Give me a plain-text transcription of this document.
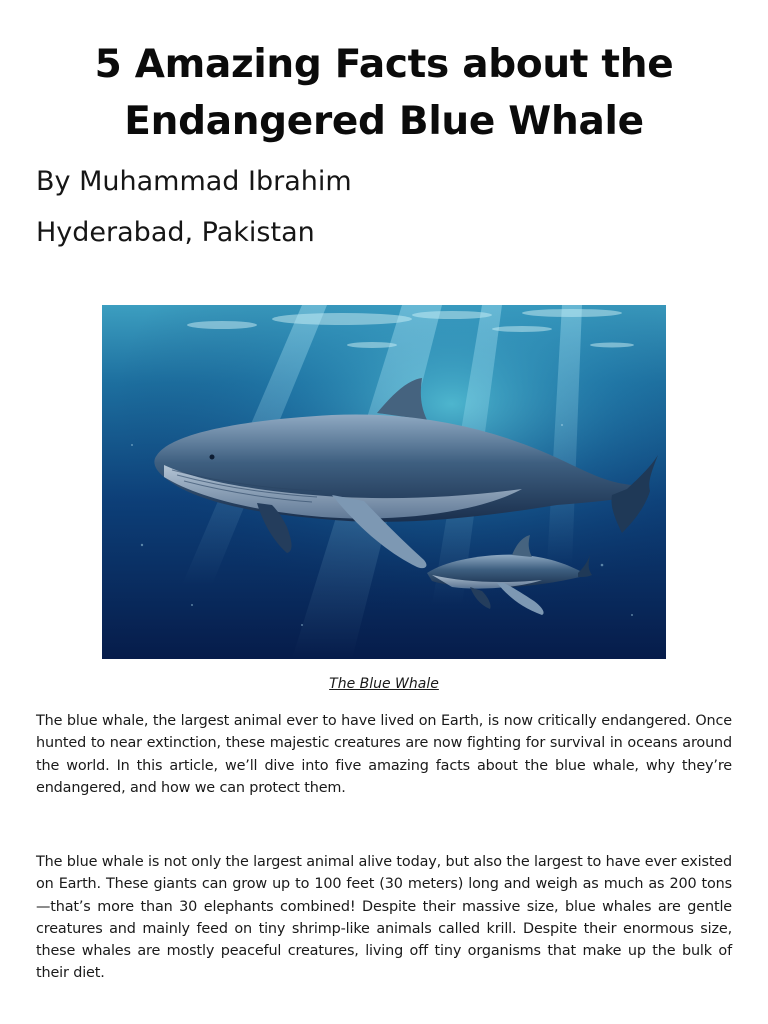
5 Amazing Facts about the Endangered Blue Whale
By Muhammad Ibrahim
Hyderabad, Pakistan
The Blue Whale

The blue whale, the largest animal ever to have lived on Earth, is now critically endangered. Once hunted to near extinction, these majestic creatures are now fighting for survival in oceans around the world. In this article, we’ll dive into five amazing facts about the blue whale, why they’re endangered, and how we can protect them.

The blue whale is not only the largest animal alive today, but also the largest to have ever existed on Earth. These giants can grow up to 100 feet (30 meters) long and weigh as much as 200 tons—that’s more than 30 elephants combined! Despite their massive size, blue whales are gentle creatures and mainly feed on tiny shrimp-like animals called krill. Despite their enormous size, these whales are mostly peaceful creatures, living off tiny organisms that make up the bulk of their diet.
